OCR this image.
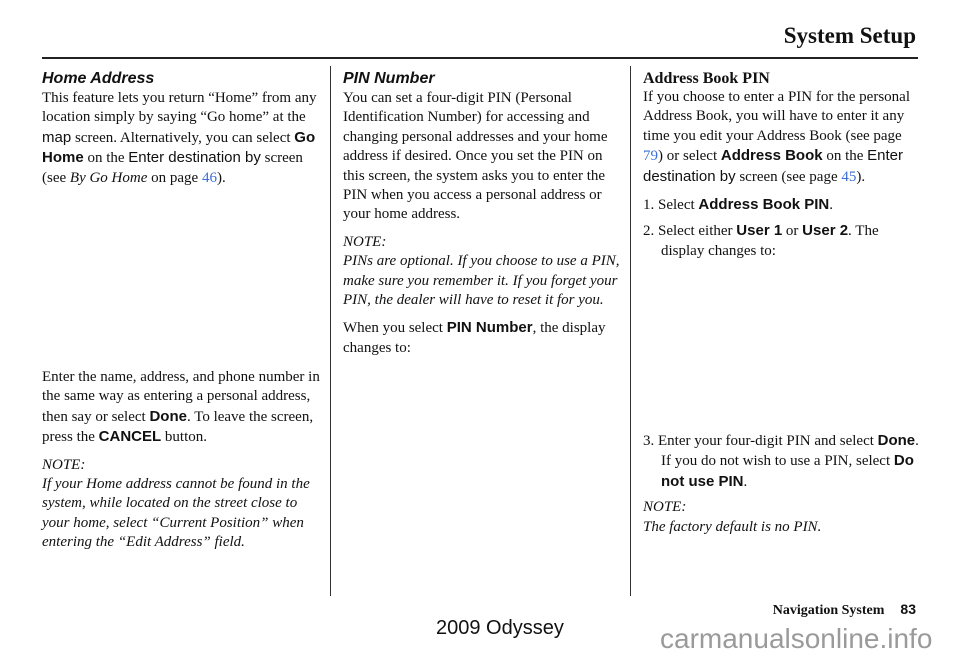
System Setup
Home Address

This feature lets you return “Home” from any location simply by saying “Go home” at the map screen. Alternatively, you can select Go Home on the Enter destination by screen (see By Go Home on page 46).

Enter the name, address, and phone number in the same way as entering a personal address, then say or select Done. To leave the screen, press the CANCEL button.

NOTE:

If your Home address cannot be found in the system, while located on the street close to your home, select “Current Position” when entering the “Edit Address” field.

PIN Number

You can set a four-digit PIN (Personal Identification Number) for accessing and changing personal addresses and your home address if desired. Once you set the PIN on this screen, the system asks you to enter the PIN when you access a personal address or your home address.

NOTE:

PINs are optional. If you choose to use a PIN, make sure you remember it. If you forget your PIN, the dealer will have to reset it for you.

When you select PIN Number, the display changes to:

Address Book PIN

If you choose to enter a PIN for the personal Address Book, you will have to enter it any time you edit your Address Book (see page 79) or select Address Book on the Enter destination by screen (see page 45).

1. Select Address Book PIN.

2. Select either User 1 or User 2. The display changes to:

3. Enter your four-digit PIN and select Done. If you do not wish to use a PIN, select Do not use PIN.

NOTE:

The factory default is no PIN.

Navigation System 83
2009 Odyssey	carmanualsonline.info
